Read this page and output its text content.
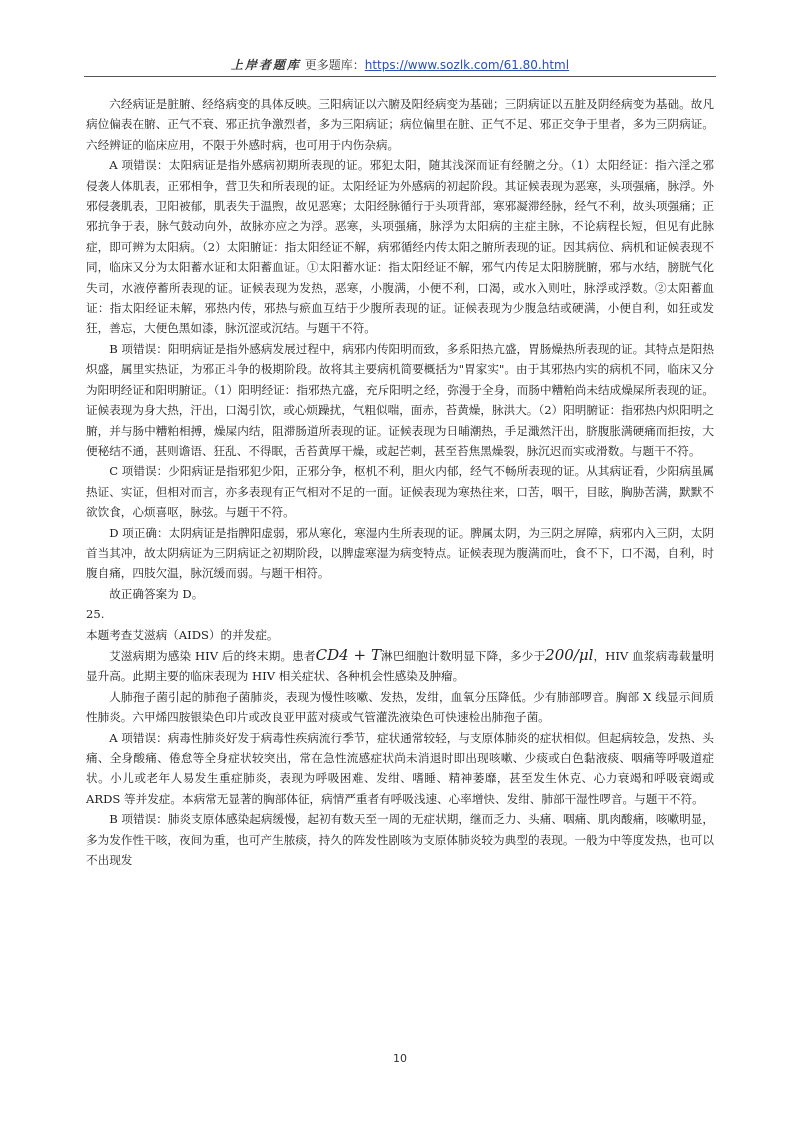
上岸者题库 更多题库：https://www.sozlk.com/61.80.html

六经病证是脏腑、经络病变的具体反映。三阳病证以六腑及阳经病变为基础；三阴病证以五脏及阴经病变为基础。故凡病位偏表在腑、正气不衰、邪正抗争激烈者，多为三阳病证；病位偏里在脏、正气不足、邪正交争于里者，多为三阴病证。六经辨证的临床应用，不限于外感时病，也可用于内伤杂病。

A 项错误：太阳病证是指外感病初期所表现的证。邪犯太阳，随其浅深而证有经腑之分。（1）太阳经证：指六淫之邪侵袭人体肌表，正邪相争，营卫失和所表现的证。太阳经证为外感病的初起阶段。其证候表现为恶寒，头项强痛，脉浮。外邪侵袭肌表，卫阳被郁，肌表失于温煦，故见恶寒；太阳经脉循行于头项背部，寒邪凝滞经脉，经气不利，故头项强痛；正邪抗争于表，脉气鼓动向外，故脉亦应之为浮。恶寒，头项强痛，脉浮为太阳病的主症主脉，不论病程长短，但见有此脉症，即可辨为太阳病。（2）太阳腑证：指太阳经证不解，病邪循经内传太阳之腑所表现的证。因其病位、病机和证候表现不同，临床又分为太阳蓄水证和太阳蓄血证。①太阳蓄水证：指太阳经证不解，邪气内传足太阳膀胱腑，邪与水结，膀胱气化失司，水液停蓄所表现的证。证候表现为发热，恶寒，小腹满，小便不利，口渴，或水入则吐，脉浮或浮数。②太阳蓄血证：指太阳经证未解，邪热内传，邪热与瘀血互结于少腹所表现的证。证候表现为少腹急结或硬满，小便自利，如狂或发狂，善忘，大便色黑如漆，脉沉涩或沉结。与题干不符。

B 项错误：阳明病证是指外感病发展过程中，病邪内传阳明而致，多系阳热亢盛，胃肠燥热所表现的证。其特点是阳热炽盛，属里实热证，为邪正斗争的极期阶段。故将其主要病机简要概括为"胃家实"。由于其邪热内实的病机不同，临床又分为阳明经证和阳明腑证。（1）阳明经证：指邪热亢盛，充斥阳明之经，弥漫于全身，而肠中糟粕尚未结成燥屎所表现的证。证候表现为身大热，汗出，口渴引饮，或心烦躁扰，气粗似喘，面赤，苔黄燥，脉洪大。（2）阳明腑证：指邪热内炽阳明之腑，并与肠中糟粕相搏，燥屎内结，阻滞肠道所表现的证。证候表现为日晡潮热，手足濈然汗出，脐腹胀满硬痛而拒按，大便秘结不通，甚则谵语、狂乱、不得眠，舌苔黄厚干燥，或起芒刺，甚至苔焦黑燥裂，脉沉迟而实或滑数。与题干不符。

C 项错误：少阳病证是指邪犯少阳，正邪分争，枢机不利，胆火内郁，经气不畅所表现的证。从其病证看，少阳病虽属热证、实证，但相对而言，亦多表现有正气相对不足的一面。证候表现为寒热往来，口苦，咽干，目眩，胸胁苦满，默默不欲饮食，心烦喜呕，脉弦。与题干不符。

D 项正确：太阴病证是指脾阳虚弱，邪从寒化，寒湿内生所表现的证。脾属太阴，为三阴之屏障，病邪内入三阴，太阴首当其冲，故太阴病证为三阴病证之初期阶段，以脾虚寒湿为病变特点。证候表现为腹满而吐，食不下，口不渴，自利，时腹自痛，四肢欠温，脉沉缓而弱。与题干相符。

故正确答案为 D。

25.

本题考查艾滋病（AIDS）的并发症。

艾滋病期为感染 HIV 后的终末期。患者CD4 + T淋巴细胞计数明显下降，多少于200/μl，HIV 血浆病毒载量明显升高。此期主要的临床表现为 HIV 相关症状、各种机会性感染及肿瘤。

人肺孢子菌引起的肺孢子菌肺炎，表现为慢性咳嗽、发热，发绀，血氧分压降低。少有肺部啰音。胸部 X 线显示间质性肺炎。六甲烯四胺银染色印片或改良亚甲蓝对痰或气管灌洗液染色可快速检出肺孢子菌。

A 项错误：病毒性肺炎好发于病毒性疾病流行季节，症状通常较轻，与支原体肺炎的症状相似。但起病较急，发热、头痛、全身酸痛、倦怠等全身症状较突出，常在急性流感症状尚未消退时即出现咳嗽、少痰或白色黏液痰、咽痛等呼吸道症状。小儿或老年人易发生重症肺炎，表现为呼吸困难、发绀、嗜睡、精神萎靡，甚至发生休克、心力衰竭和呼吸衰竭或 ARDS 等并发症。本病常无显著的胸部体征，病情严重者有呼吸浅速、心率增快、发绀、肺部干湿性啰音。与题干不符。

B 项错误：肺炎支原体感染起病缓慢，起初有数天至一周的无症状期，继而乏力、头痛、咽痛、肌肉酸痛，咳嗽明显，多为发作性干咳，夜间为重，也可产生脓痰，持久的阵发性剧咳为支原体肺炎较为典型的表现。一般为中等度发热，也可以不出现发

10
